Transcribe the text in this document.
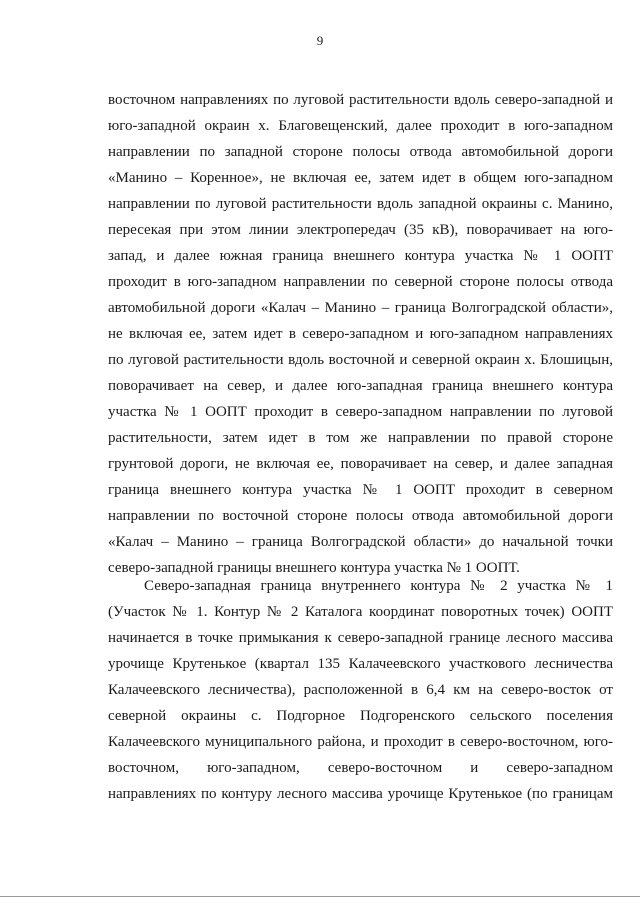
9
восточном направлениях по луговой растительности вдоль северо-западной и
юго-западной окраин х. Благовещенский, далее проходит в юго-западном
направлении по западной стороне полосы отвода автомобильной дороги
«Манино – Коренное», не включая ее, затем идет в общем юго-западном
направлении по луговой растительности вдоль западной окраины с. Манино,
пересекая при этом линии электропередач (35 кВ), поворачивает на юго-
запад, и далее южная граница внешнего контура участка № 1 ООПТ
проходит в юго-западном направлении по северной стороне полосы отвода
автомобильной дороги «Калач – Манино – граница Волгоградской области»,
не включая ее, затем идет в северо-западном и юго-западном направлениях
по луговой растительности вдоль восточной и северной окраин х. Блошицын,
поворачивает на север, и далее юго-западная граница внешнего контура
участка № 1 ООПТ проходит в северо-западном направлении по луговой
растительности, затем идет в том же направлении по правой стороне
грунтовой дороги, не включая ее, поворачивает на север, и далее западная
граница внешнего контура участка № 1 ООПТ проходит в северном
направлении по восточной стороне полосы отвода автомобильной дороги
«Калач – Манино – граница Волгоградской области» до начальной точки
северо-западной границы внешнего контура участка № 1 ООПТ.
Северо-западная граница внутреннего контура № 2 участка № 1
(Участок № 1. Контур № 2 Каталога координат поворотных точек) ООПТ
начинается в точке примыкания к северо-западной границе лесного массива
урочище Крутенькое (квартал 135 Калачеевского участкового лесничества
Калачеевского лесничества), расположенной в 6,4 км на северо-восток от
северной окраины с. Подгорное Подгоренского сельского поселения
Калачеевского муниципального района, и проходит в северо-восточном, юго-
восточном, юго-западном, северо-восточном и северо-западном
направлениях по контуру лесного массива урочище Крутенькое (по границам
